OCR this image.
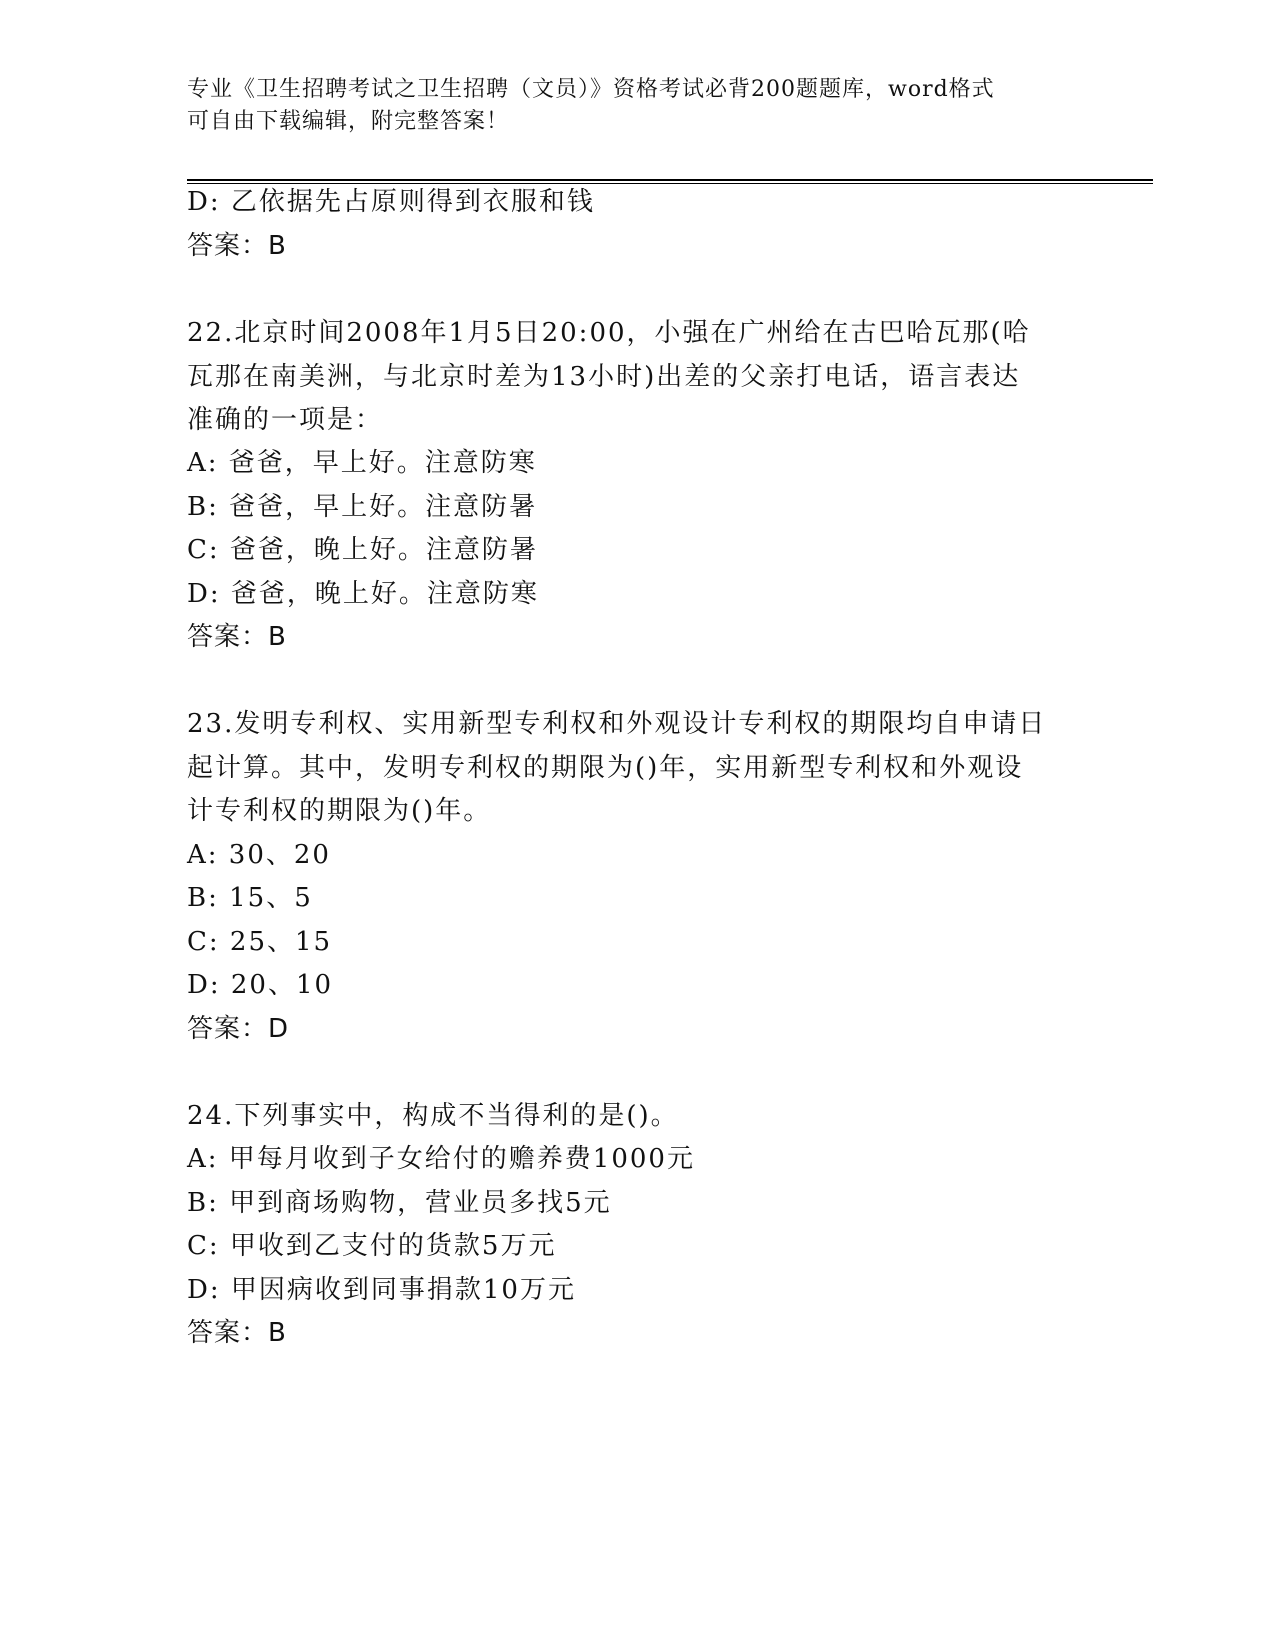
专业《卫生招聘考试之卫生招聘（文员）》资格考试必背200题题库，word格式
可自由下载编辑，附完整答案！
D: 乙依据先占原则得到衣服和钱
答案：B
22.北京时间2008年1月5日20:00，小强在广州给在古巴哈瓦那(哈
瓦那在南美洲，与北京时差为13小时)出差的父亲打电话，语言表达
准确的一项是：
A: 爸爸，早上好。注意防寒
B: 爸爸，早上好。注意防暑
C: 爸爸，晚上好。注意防暑
D: 爸爸，晚上好。注意防寒
答案：B
23.发明专利权、实用新型专利权和外观设计专利权的期限均自申请日
起计算。其中，发明专利权的期限为()年，实用新型专利权和外观设
计专利权的期限为()年。
A: 30、20
B: 15、5
C: 25、15
D: 20、10
答案：D
24.下列事实中，构成不当得利的是()。
A: 甲每月收到子女给付的赡养费1000元
B: 甲到商场购物，营业员多找5元
C: 甲收到乙支付的货款5万元
D: 甲因病收到同事捐款10万元
答案：B
